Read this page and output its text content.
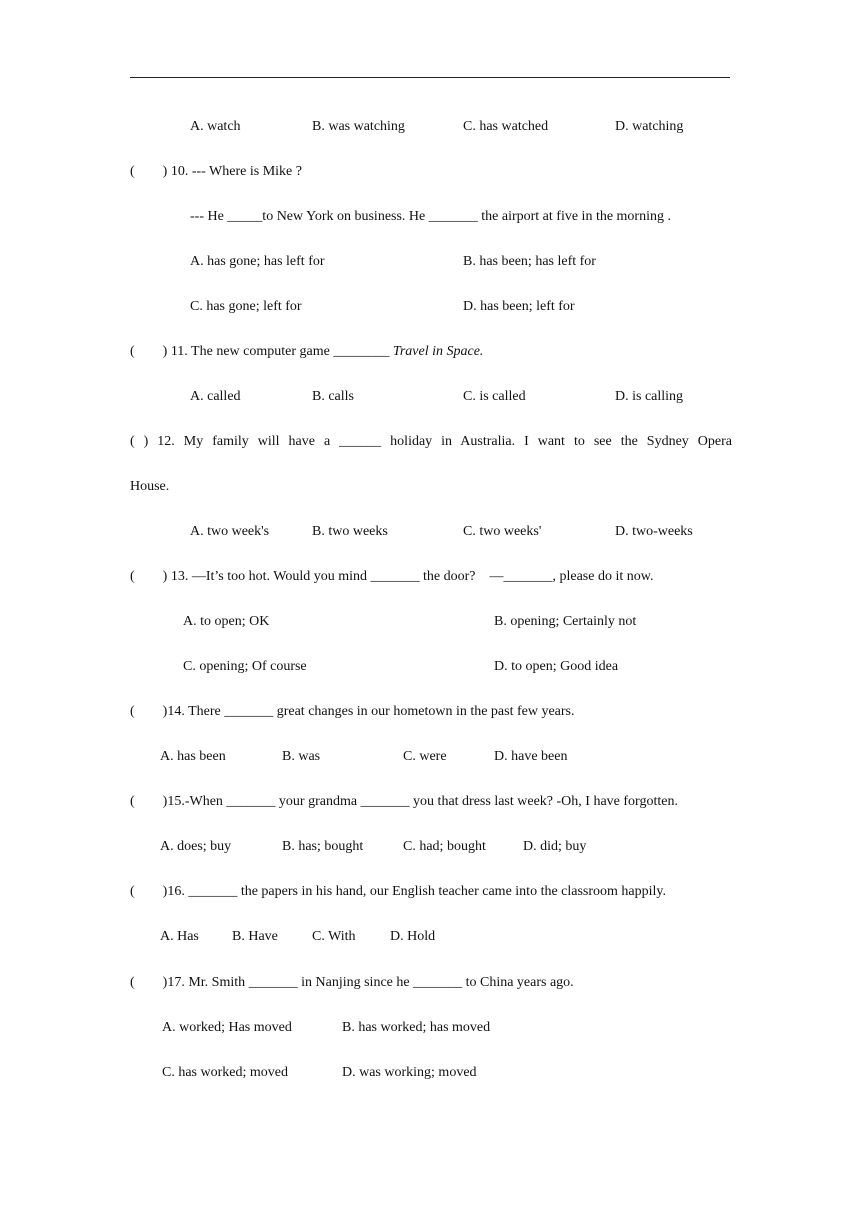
A. watch	B. was watching	C. has watched	D. watching
(        ) 10. --- Where is Mike ?
--- He _____to New York on business. He _______ the airport at five in the morning .
A. has gone; has left for	B. has been; has left for
C. has gone; left for	D. has been; left for
(        ) 11. The new computer game ________ Travel in Space.
A. called	B. calls	C. is called	D. is calling
( ) 12. My family will have a ______ holiday in Australia. I want to see the Sydney Opera
House.
A. two week's	B. two weeks	C. two weeks'	D. two-weeks
(        ) 13. —It’s too hot. Would you mind _______ the door?    —_______, please do it now.
A. to open; OK	B. opening; Certainly not
C. opening; Of course	D. to open; Good idea
(        )14. There _______ great changes in our hometown in the past few years.
A. has been	B. was	C. were	D. have been
(        )15.-When _______ your grandma _______ you that dress last week? -Oh, I have forgotten.
A. does; buy	B. has; bought	C. had; bought	D. did; buy
(        )16. _______ the papers in his hand, our English teacher came into the classroom happily.
A. Has B. Have C. With D. Hold
(        )17. Mr. Smith _______ in Nanjing since he _______ to China years ago.
A. worked; Has moved	B. has worked; has moved
C. has worked; moved	D. was working; moved
